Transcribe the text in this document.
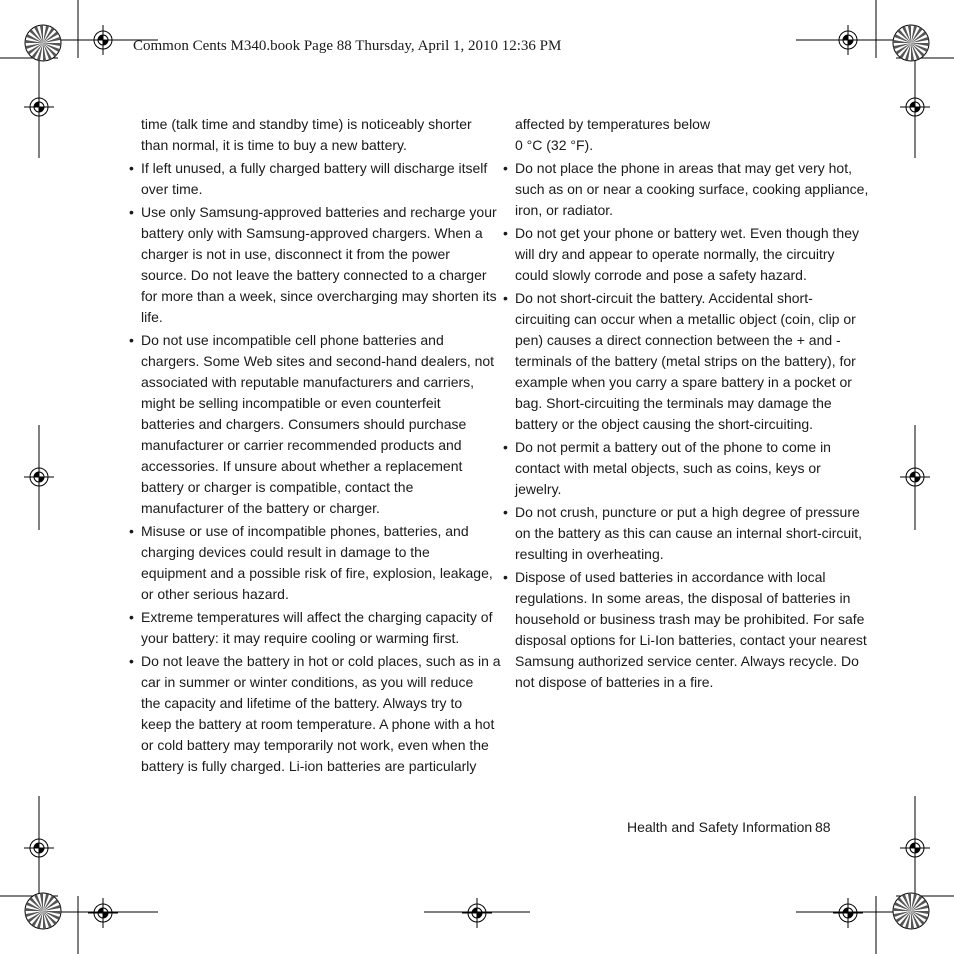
Common Cents M340.book Page 88 Thursday, April 1, 2010 12:36 PM
time (talk time and standby time) is noticeably shorter
than normal, it is time to buy a new battery.
• If left unused, a fully charged battery will discharge itself
over time.
• Use only Samsung-approved batteries and recharge your
battery only with Samsung-approved chargers. When a
charger is not in use, disconnect it from the power
source. Do not leave the battery connected to a charger
for more than a week, since overcharging may shorten its
life.
• Do not use incompatible cell phone batteries and
chargers. Some Web sites and second-hand dealers, not
associated with reputable manufacturers and carriers,
might be selling incompatible or even counterfeit
batteries and chargers. Consumers should purchase
manufacturer or carrier recommended products and
accessories. If unsure about whether a replacement
battery or charger is compatible, contact the
manufacturer of the battery or charger.
• Misuse or use of incompatible phones, batteries, and
charging devices could result in damage to the
equipment and a possible risk of fire, explosion, leakage,
or other serious hazard.
• Extreme temperatures will affect the charging capacity of
your battery: it may require cooling or warming first.
• Do not leave the battery in hot or cold places, such as in a
car in summer or winter conditions, as you will reduce
the capacity and lifetime of the battery. Always try to
keep the battery at room temperature. A phone with a hot
or cold battery may temporarily not work, even when the
battery is fully charged. Li-ion batteries are particularly
affected by temperatures below
0 °C (32 °F).
• Do not place the phone in areas that may get very hot,
such as on or near a cooking surface, cooking appliance,
iron, or radiator.
• Do not get your phone or battery wet. Even though they
will dry and appear to operate normally, the circuitry
could slowly corrode and pose a safety hazard.
• Do not short-circuit the battery. Accidental short-
circuiting can occur when a metallic object (coin, clip or
pen) causes a direct connection between the + and -
terminals of the battery (metal strips on the battery), for
example when you carry a spare battery in a pocket or
bag. Short-circuiting the terminals may damage the
battery or the object causing the short-circuiting.
• Do not permit a battery out of the phone to come in
contact with metal objects, such as coins, keys or
jewelry.
• Do not crush, puncture or put a high degree of pressure
on the battery as this can cause an internal short-circuit,
resulting in overheating.
• Dispose of used batteries in accordance with local
regulations. In some areas, the disposal of batteries in
household or business trash may be prohibited. For safe
disposal options for Li-Ion batteries, contact your nearest
Samsung authorized service center. Always recycle. Do
not dispose of batteries in a fire.
Health and Safety Information 88
